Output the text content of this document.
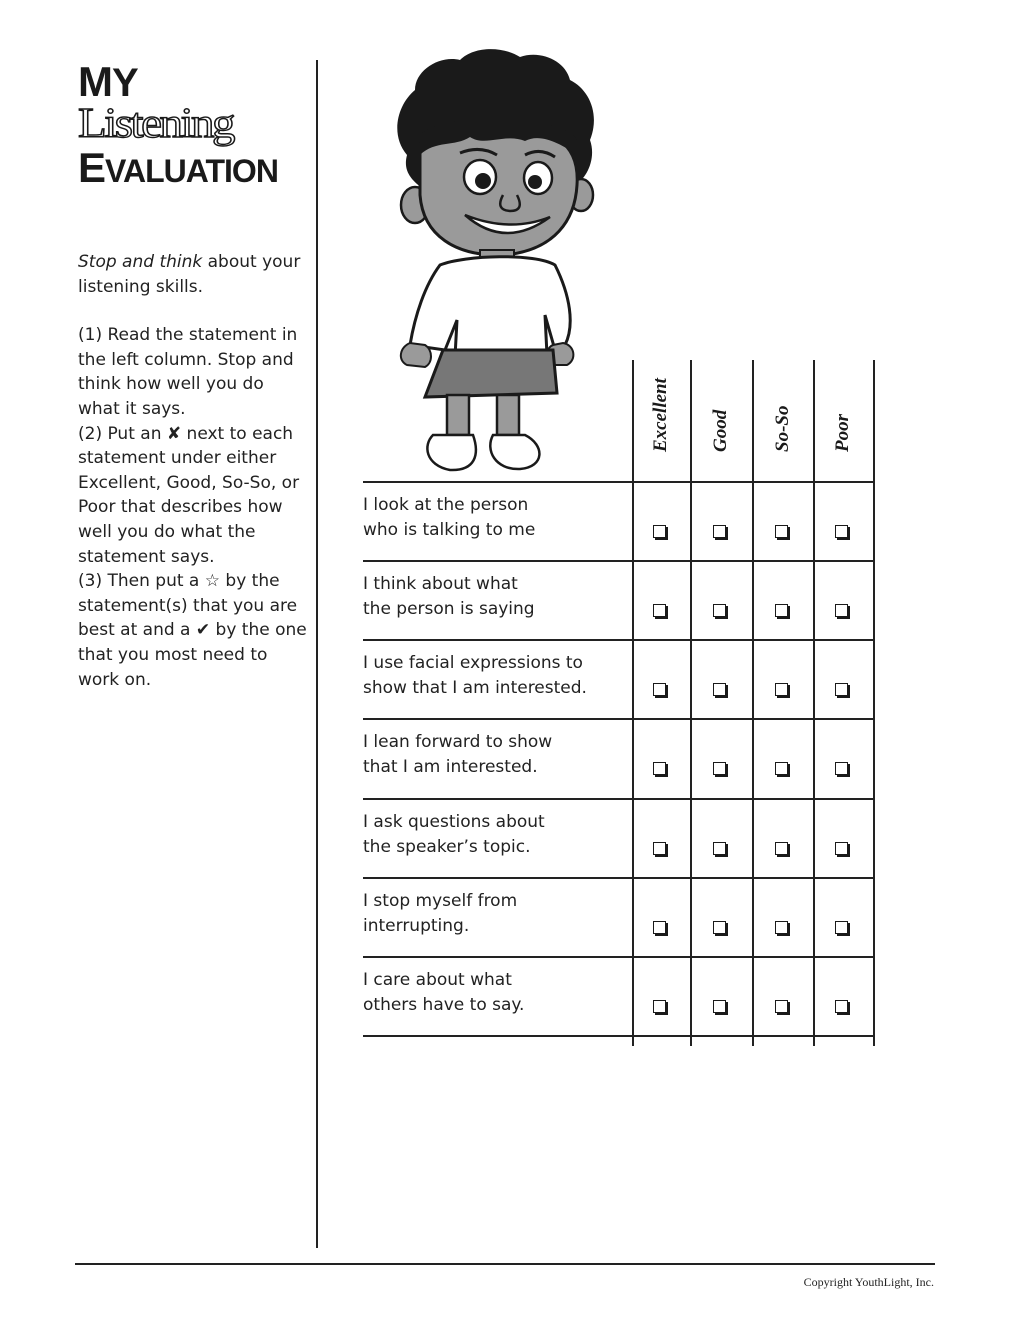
MY
Listening
EVALUATION

Stop and think about your listening skills.

(1) Read the statement in the left column. Stop and think how well you do what it says.

(2) Put an ✘ next to each statement under either Excellent, Good, So-So, or Poor that describes how well you do what the statement says.

(3) Then put a ☆ by the statement(s) that you are best at and a ✔ by the one that you most need to work on.

Excellent Good So-So Poor
I look at the person
who is talking to me
I think about what
the person is saying
I use facial expressions to
show that I am interested.
I lean forward to show
that I am interested.
I ask questions about
the speaker’s topic.
I stop myself from
interrupting.
I care about what
others have to say.
Copyright YouthLight, Inc.
